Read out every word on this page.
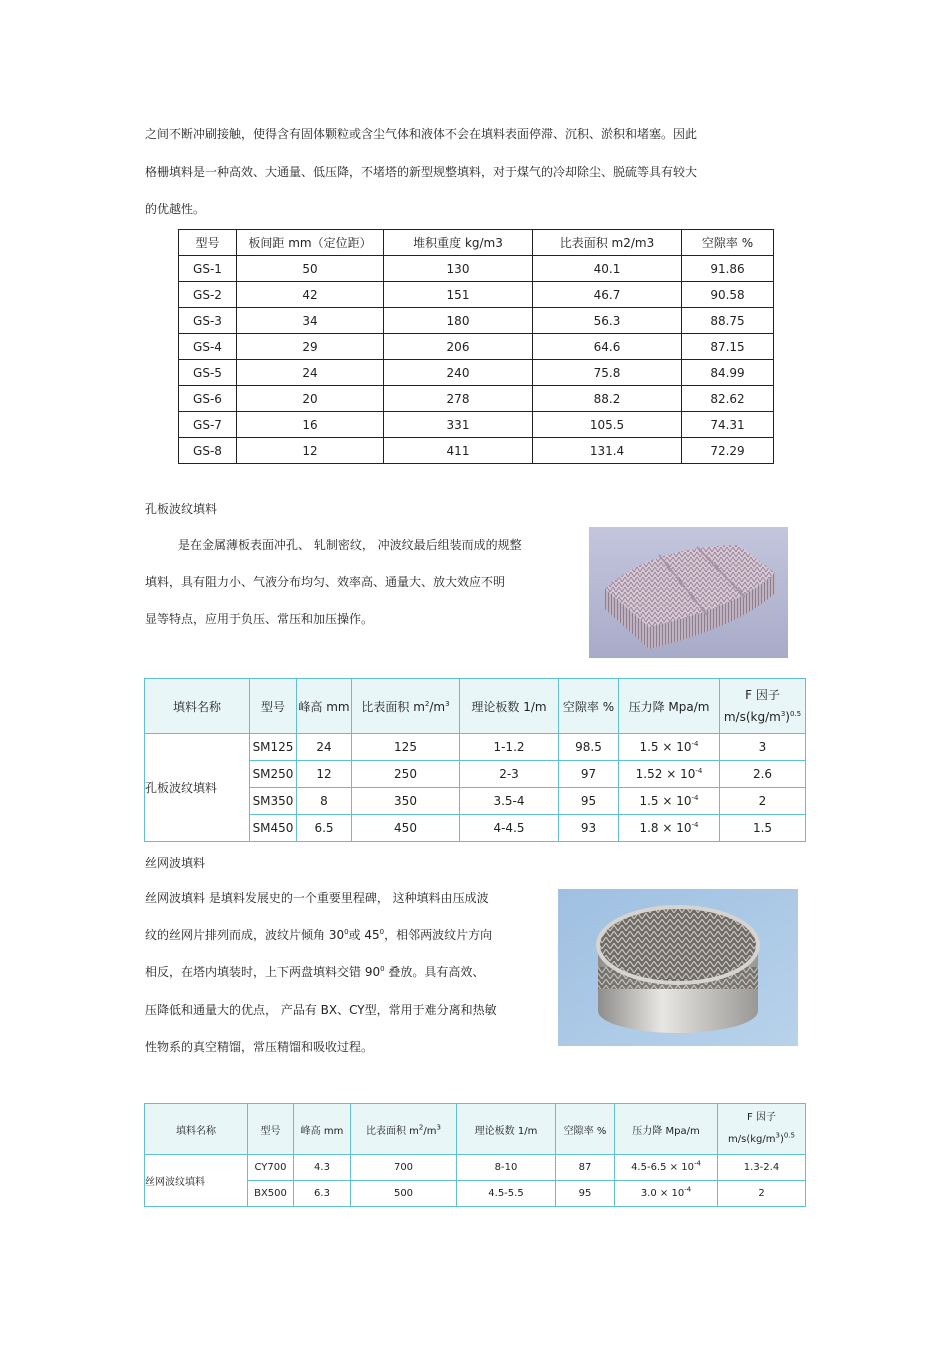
之间不断冲刷接触，使得含有固体颗粒或含尘气体和液体不会在填料表面停滞、沉积、淤积和堵塞。因此
格栅填料是一种高效、大通量、低压降，不堵塔的新型规整填料，对于煤气的冷却除尘、脱硫等具有较大
的优越性。
型号	板间距 mm（定位距）	堆积重度 kg/m3	比表面积 m2/m3	空隙率 %
GS-1	50	130	40.1	91.86
GS-2	42	151	46.7	90.58
GS-3	34	180	56.3	88.75
GS-4	29	206	64.6	87.15
GS-5	24	240	75.8	84.99
GS-6	20	278	88.2	82.62
GS-7	16	331	105.5	74.31
GS-8	12	411	131.4	72.29
孔板波纹填料
是在金属薄板表面冲孔、 轧制密纹， 冲波纹最后组装而成的规整
填料，具有阻力小、气液分布均匀、效率高、通量大、放大效应不明
显等特点，应用于负压、常压和加压操作。
填料名称	型号	峰高 mm	比表面积 $m^2/m^3$	理论板数 1/m	空隙率 %	压力降 Mpa/m	F 因子
$m/s(kg/m^3)^{0.5}$
孔板波纹填料	SM125	24	125	1-1.2	98.5	$1.5 \times 10^{-4}$	3
	SM250	12	250	2-3	97	$1.52 \times 10^{-4}$	2.6
	SM350	8	350	3.5-4	95	$1.5 \times 10^{-4}$	2
	SM450	6.5	450	4-4.5	93	$1.8 \times 10^{-4}$	1.5
丝网波填料
丝网波填料 是填料发展史的一个重要里程碑， 这种填料由压成波
纹的丝网片排列而成，波纹片倾角 $30^0$或 $45^0$，相邻两波纹片方向
相反，在塔内填装时，上下两盘填料交错 $90^0$ 叠放。具有高效、
压降低和通量大的优点， 产品有 BX、CY型，常用于难分离和热敏
性物系的真空精馏，常压精馏和吸收过程。
填料名称	型号	峰高 mm	比表面积 $m^2/m^3$	理论板数 1/m	空隙率 %	压力降 Mpa/m	F 因子
$m/s(kg/m^3)^{0.5}$
丝网波纹填料	CY700	4.3	700	8-10	87	$4.5-6.5 \times 10^{-4}$	1.3-2.4
	BX500	6.3	500	4.5-5.5	95	$3.0 \times 10^{-4}$	2
